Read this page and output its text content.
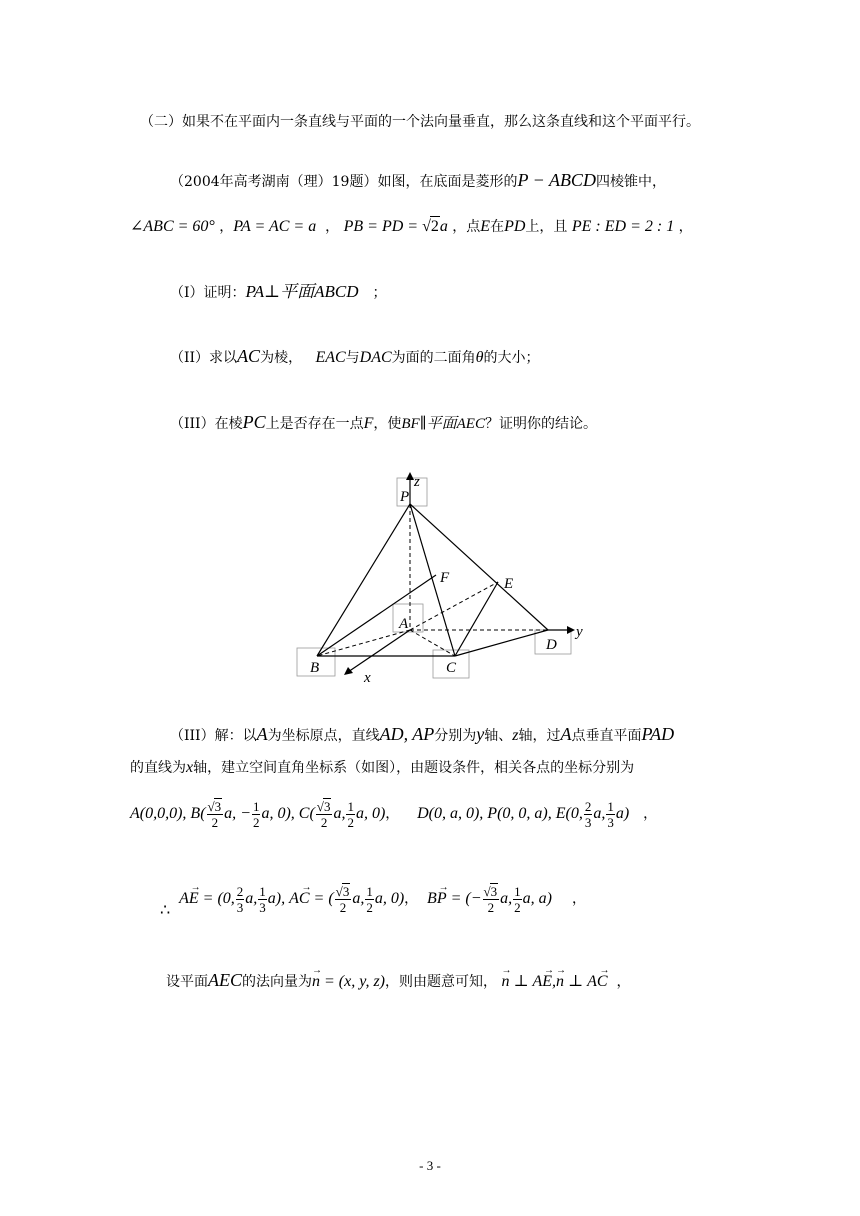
（二）如果不在平面内一条直线与平面的一个法向量垂直，那么这条直线和这个平面平行。
（2004年高考湖南（理）19题）如图，在底面是菱形的P − ABCD四棱锥中，
∠ABC = 60° ，PA = AC = a  ， PB = PD = √2a ，点E在PD上，且 PE : ED = 2 : 1 ，
（I）证明：PA⊥平面ABCD ；
（II）求以AC为棱， EAC与DAC为面的二面角θ的大小；
（III）在棱PC上是否存在一点F，使BF∥平面AEC？证明你的结论。
P
z
F	E
A	y
B	C
D
x
（III）解：以A为坐标原点，直线AD, AP分别为y轴、z轴，过A点垂直平面PAD
的直线为x轴，建立空间直角坐标系（如图），由题设条件，相关各点的坐标分别为
A(0,0,0), $B( \frac{√3}{2} a$, − $\frac{1}{2} a$, 0), $C( \frac{√3}{2} a$, $\frac{1}{2} a$, 0)， D(0, a, 0), P(0, 0, a), E(0, $\frac{2}{3} a$, $\frac{1}{3} a$) ，
∴  → AE = (0, $\frac{2}{3} a$, $\frac{1}{3} a$), → AC = ( $\frac{√3}{2} a$, $\frac{1}{2} a$, 0)， → BP = (− $\frac{√3}{2} a$, $\frac{1}{2} a$, a) ，
设平面AEC的法向量为→ n = (x, y, z)，则由题意可知， → n ⊥ → AE,→ n ⊥ → AC ，
- 3 -
